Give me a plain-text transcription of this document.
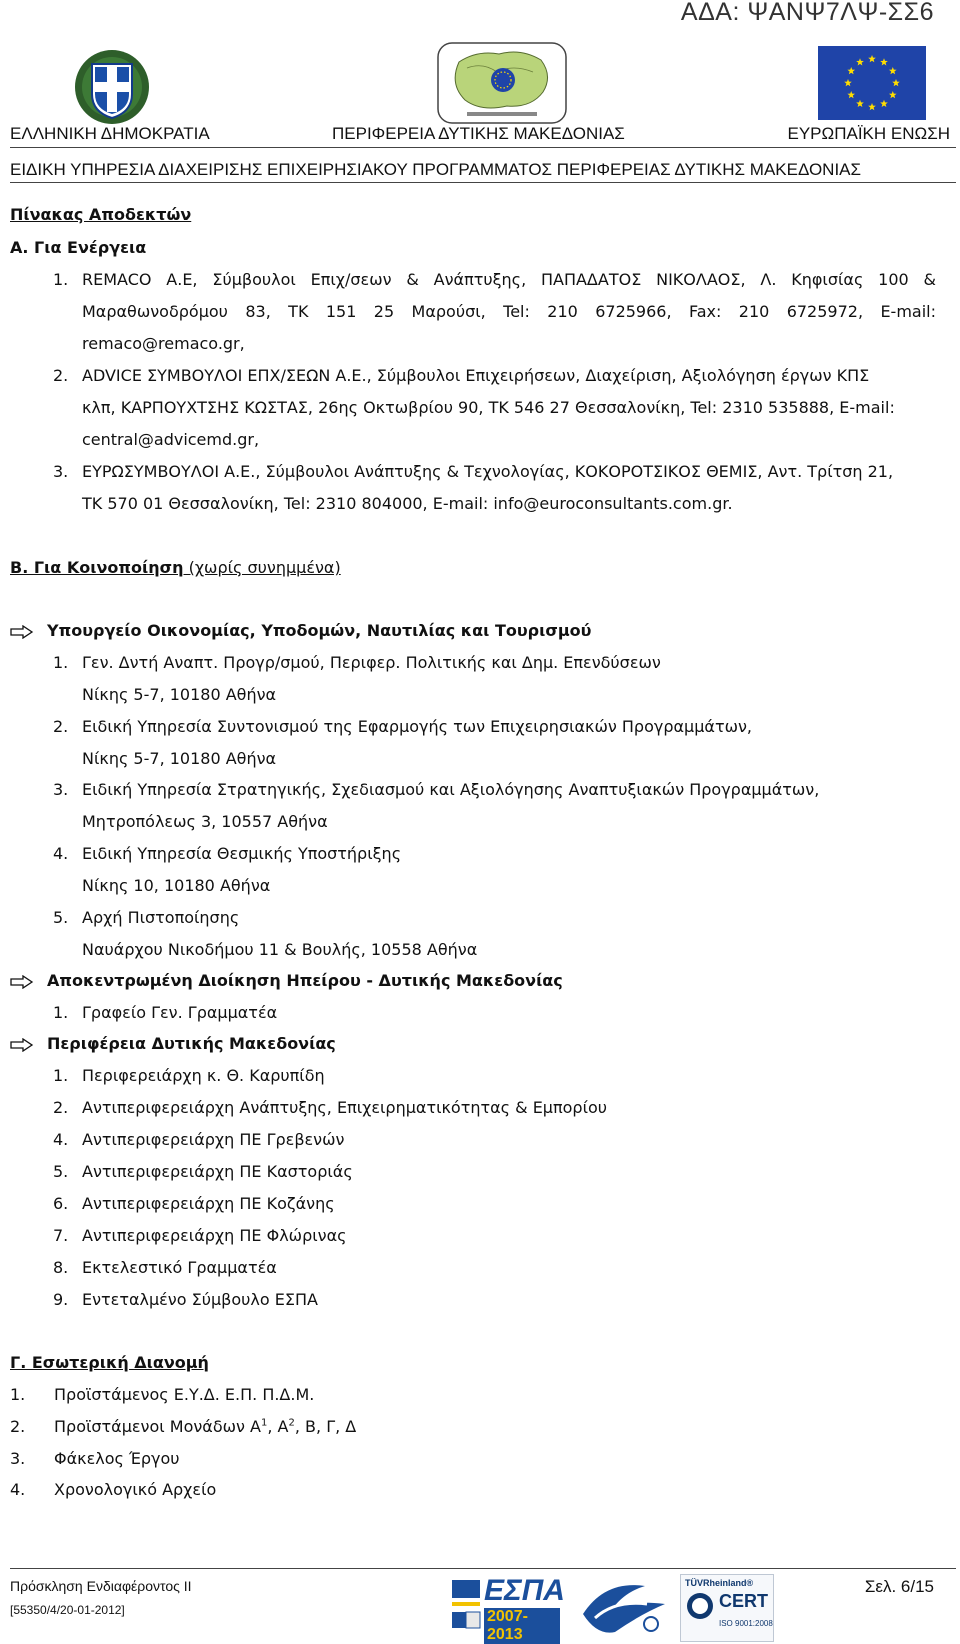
ΑΔΑ: ΨΑΝΨ7ΛΨ-ΣΣ6
ΕΛΛΗΝΙΚΗ ΔΗΜΟΚΡΑΤΙΑ	ΠΕΡΙΦΕΡΕΙΑ ΔΥΤΙΚΗΣ ΜΑΚΕΔΟΝΙΑΣ	ΕΥΡΩΠΑΪΚΗ ΕΝΩΣΗ
ΕΙΔΙΚΗ ΥΠΗΡΕΣΙΑ ΔΙΑΧΕΙΡΙΣΗΣ ΕΠΙΧΕΙΡΗΣΙΑΚΟΥ ΠΡΟΓΡΑΜΜΑΤΟΣ ΠΕΡΙΦΕΡΕΙΑΣ ΔΥΤΙΚΗΣ ΜΑΚΕΔΟΝΙΑΣ
Πίνακας Αποδεκτών
Α. Για Ενέργεια
1. REMACO Α.Ε, Σύμβουλοι Επιχ/σεων & Ανάπτυξης, ΠΑΠΑΔΑΤΟΣ ΝΙΚΟΛΑΟΣ, Λ. Κηφισίας 100 &
Μαραθωνοδρόμου 83, ΤΚ 151 25 Μαρούσι, Tel: 210 6725966, Fax: 210 6725972, E-mail:
remaco@remaco.gr,
2. ADVICE ΣΥΜΒΟΥΛΟΙ ΕΠΧ/ΣΕΩΝ Α.Ε., Σύμβουλοι Επιχειρήσεων, Διαχείριση, Αξιολόγηση έργων ΚΠΣ
κλπ, ΚΑΡΠΟΥΧΤΣΗΣ ΚΩΣΤΑΣ, 26ης Οκτωβρίου 90, ΤΚ 546 27 Θεσσαλονίκη, Tel: 2310 535888, E-mail:
central@advicemd.gr,
3. ΕΥΡΩΣΥΜΒΟΥΛΟΙ Α.Ε., Σύμβουλοι Ανάπτυξης & Τεχνολογίας, ΚΟΚΟΡΟΤΣΙΚΟΣ ΘΕΜΙΣ, Αντ. Τρίτση 21,
ΤΚ 570 01 Θεσσαλονίκη, Tel: 2310 804000, E-mail: info@euroconsultants.com.gr.
Β. Για Κοινοποίηση (χωρίς συνημμένα)
Υπουργείο Οικονομίας, Υποδομών, Ναυτιλίας και Τουρισμού
1. Γεν. Δντή Αναπτ. Προγρ/σμού, Περιφερ. Πολιτικής και Δημ. Επενδύσεων
Νίκης 5-7, 10180 Αθήνα
2. Ειδική Υπηρεσία Συντονισμού της Εφαρμογής των Επιχειρησιακών Προγραμμάτων,
Νίκης 5-7, 10180 Αθήνα
3. Ειδική Υπηρεσία Στρατηγικής, Σχεδιασμού και Αξιολόγησης Αναπτυξιακών Προγραμμάτων,
Μητροπόλεως 3, 10557 Αθήνα
4. Ειδική Υπηρεσία Θεσμικής Υποστήριξης
Νίκης 10, 10180 Αθήνα
5. Αρχή Πιστοποίησης
Ναυάρχου Νικοδήμου 11 & Βουλής, 10558 Αθήνα
Αποκεντρωμένη Διοίκηση Ηπείρου - Δυτικής Μακεδονίας
1. Γραφείο Γεν. Γραμματέα
Περιφέρεια Δυτικής Μακεδονίας
1. Περιφερειάρχη κ. Θ. Καρυπίδη
2. Αντιπεριφερειάρχη Ανάπτυξης, Επιχειρηματικότητας & Εμπορίου
4. Αντιπεριφερειάρχη ΠΕ Γρεβενών
5. Αντιπεριφερειάρχη ΠΕ Καστοριάς
6. Αντιπεριφερειάρχη ΠΕ Κοζάνης
7. Αντιπεριφερειάρχη ΠΕ Φλώρινας
8. Εκτελεστικό Γραμματέα
9. Εντεταλμένο Σύμβουλο ΕΣΠΑ
Γ. Εσωτερική Διανομή
1. Προϊστάμενος Ε.Υ.Δ. Ε.Π. Π.Δ.Μ.
2. Προϊστάμενοι Μονάδων $A^1$, $A^2$, Β, Γ, Δ
3. Φάκελος Έργου
4. Χρονολογικό Αρχείο
Πρόσκληση Ενδιαφέροντος ΙΙ
[55350/4/20-01-2012]
Σελ. 6/15
ΕΣΠΑ
2007-2013
TÜVRheinland®
CERT
ISO 9001:2008
